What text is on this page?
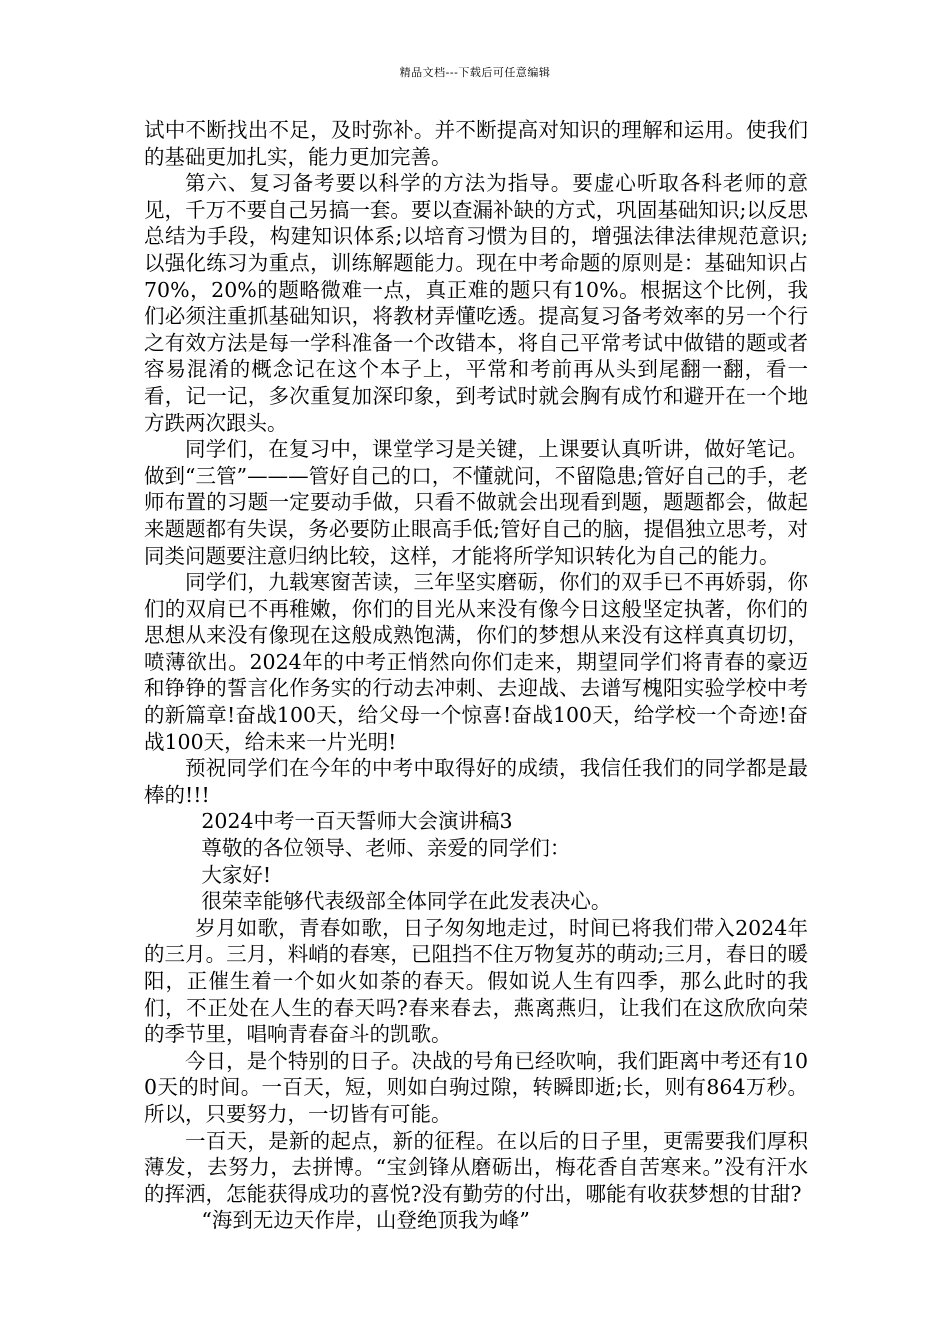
精品文档---下载后可任意编辑

试中不断找出不足，及时弥补。并不断提高对知识的理解和运用。使我们的基础更加扎实，能力更加完善。

第六、复习备考要以科学的方法为指导。要虚心听取各科老师的意见，千万不要自己另搞一套。要以查漏补缺的方式，巩固基础知识;以反思总结为手段，构建知识体系;以培育习惯为目的，增强法律法律规范意识;以强化练习为重点，训练解题能力。现在中考命题的原则是：基础知识占70%，20%的题略微难一点，真正难的题只有10%。根据这个比例，我们必须注重抓基础知识，将教材弄懂吃透。提高复习备考效率的另一个行之有效方法是每一学科准备一个改错本，将自己平常考试中做错的题或者容易混淆的概念记在这个本子上，平常和考前再从头到尾翻一翻，看一看，记一记，多次重复加深印象，到考试时就会胸有成竹和避开在一个地方跌两次跟头。

同学们，在复习中，课堂学习是关键，上课要认真听讲，做好笔记。做到“三管”———管好自己的口，不懂就问，不留隐患;管好自己的手，老师布置的习题一定要动手做，只看不做就会出现看到题，题题都会，做起来题题都有失误，务必要防止眼高手低;管好自己的脑，提倡独立思考，对同类问题要注意归纳比较，这样，才能将所学知识转化为自己的能力。

同学们，九载寒窗苦读，三年坚实磨砺，你们的双手已不再娇弱，你们的双肩已不再稚嫩，你们的目光从来没有像今日这般坚定执著，你们的思想从来没有像现在这般成熟饱满，你们的梦想从来没有这样真真切切，喷薄欲出。2024年的中考正悄然向你们走来，期望同学们将青春的豪迈和铮铮的誓言化作务实的行动去冲刺、去迎战、去谱写槐阳实验学校中考的新篇章!奋战100天，给父母一个惊喜!奋战100天，给学校一个奇迹!奋战100天，给未来一片光明!

预祝同学们在今年的中考中取得好的成绩，我信任我们的同学都是最棒的!!!

2024中考一百天誓师大会演讲稿3

尊敬的各位领导、老师、亲爱的同学们：

大家好!

很荣幸能够代表级部全体同学在此发表决心。

岁月如歌，青春如歌，日子匆匆地走过，时间已将我们带入2024年的三月。三月，料峭的春寒，已阻挡不住万物复苏的萌动;三月，春日的暖阳，正催生着一个如火如荼的春天。假如说人生有四季，那么此时的我们，不正处在人生的春天吗?春来春去，燕离燕归，让我们在这欣欣向荣的季节里，唱响青春奋斗的凯歌。

今日，是个特别的日子。决战的号角已经吹响，我们距离中考还有100天的时间。一百天，短，则如白驹过隙，转瞬即逝;长，则有864万秒。所以，只要努力，一切皆有可能。

一百天，是新的起点，新的征程。在以后的日子里，更需要我们厚积薄发，去努力，去拼博。“宝剑锋从磨砺出，梅花香自苦寒来。”没有汗水的挥洒，怎能获得成功的喜悦?没有勤劳的付出，哪能有收获梦想的甘甜?

“海到无边天作岸，山登绝顶我为峰”
